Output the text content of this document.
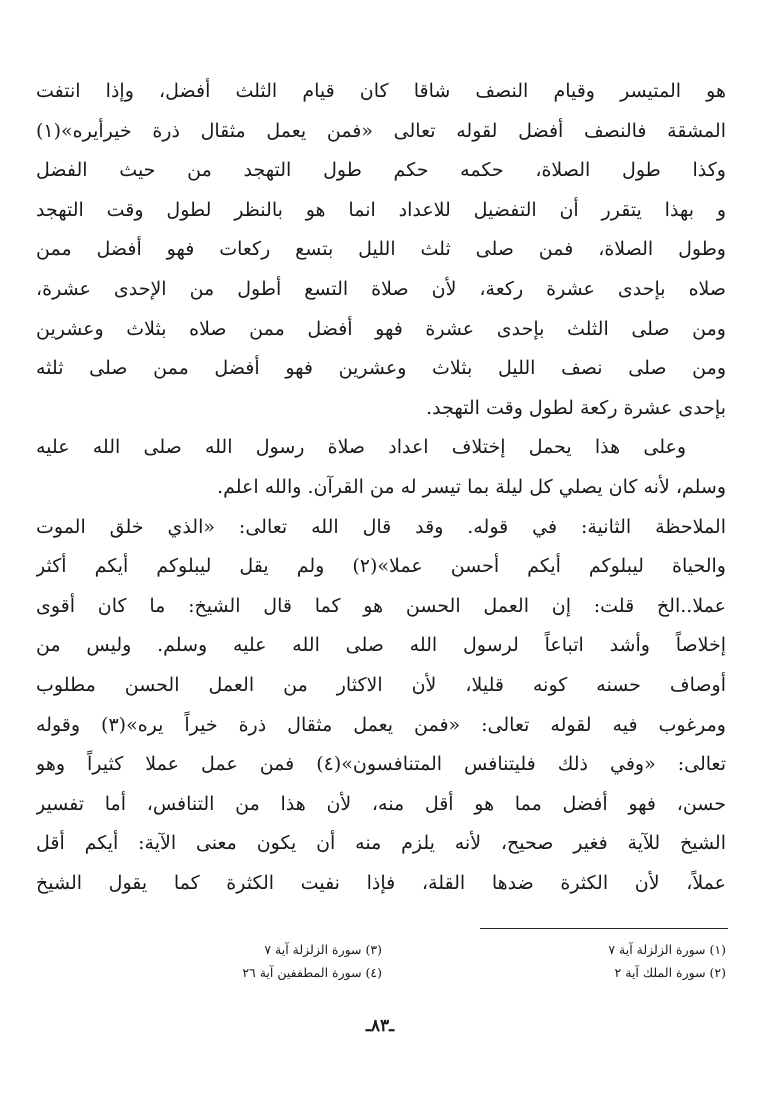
هو المتيسر وقيام النصف شاقا كان قيام الثلث أفضل، وإذا انتفت
المشقة فالنصف أفضل لقوله تعالى «فمن يعمل مثقال ذرة خيرأيره»(١)
وكذا طول الصلاة، حكمه حكم طول التهجد من حيث الفضل
و بهذا يتقرر أن التفضيل للاعداد انما هو بالنظر لطول وقت التهجد
وطول الصلاة، فمن صلى ثلث الليل بتسع ركعات فهو أفضل ممن
صلاه بإحدى عشرة ركعة، لأن صلاة التسع أطول من الإحدى عشرة،
ومن صلى الثلث بإحدى عشرة فهو أفضل ممن صلاه بثلاث وعشرين
ومن صلى نصف الليل بثلاث وعشرين فهو أفضل ممن صلى ثلثه
بإحدى عشرة ركعة لطول وقت التهجد.
وعلى هذا يحمل إختلاف اعداد صلاة رسول الله صلى الله عليه
وسلم، لأنه كان يصلي كل ليلة بما تيسر له من القرآن. والله اعلم.
الملاحظة الثانية: في قوله. وقد قال الله تعالى: «الذي خلق الموت
والحياة ليبلوكم أيكم أحسن عملا»(٢) ولم يقل ليبلوكم أيكم أكثر
عملا..الخ قلت: إن العمل الحسن هو كما قال الشيخ: ما كان أقوى
إخلاصاً وأشد اتباعاً لرسول الله صلى الله عليه وسلم. وليس من
أوصاف حسنه كونه قليلا، لأن الاكثار من العمل الحسن مطلوب
ومرغوب فيه لقوله تعالى: «فمن يعمل مثقال ذرة خيراً يره»(٣) وقوله
تعالى: «وفي ذلك فليتنافس المتنافسون»(٤) فمن عمل عملا كثيراً وهو
حسن، فهو أفضل مما هو أقل منه، لأن هذا من التنافس، أما تفسير
الشيخ للآية فغير صحيح، لأنه يلزم منه أن يكون معنى الآية: أيكم أقل
عملاً، لأن الكثرة ضدها القلة، فإذا نفيت الكثرة كما يقول الشيخ
(١) سورة الزلزلة آية ٧
(٢) سورة الملك آية ٢
(٣) سورة الزلزلة آية ٧
(٤) سورة المطففين آية ٢٦
ـ٨٣ـ
